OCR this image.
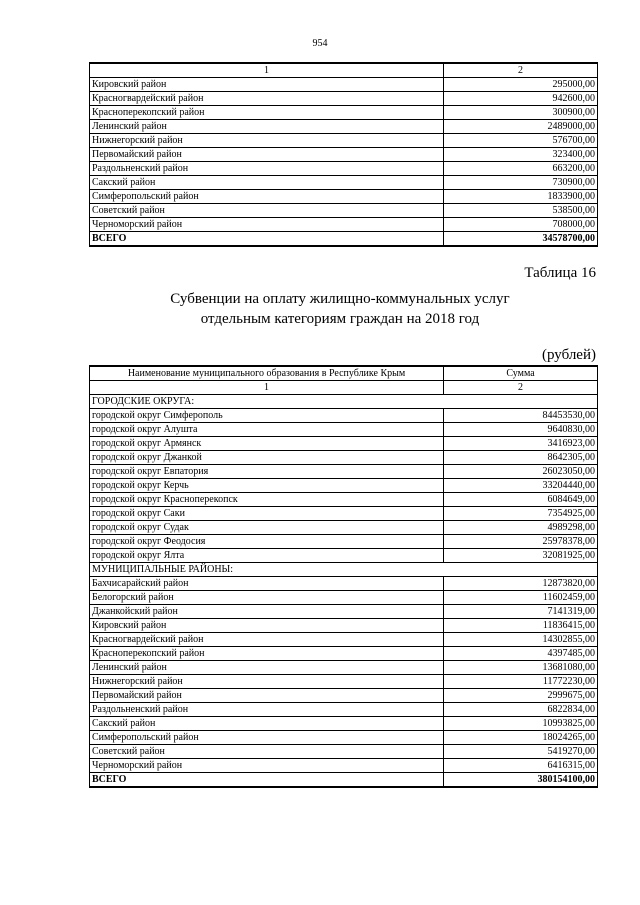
954
1	2
Кировский район	295000,00
Красногвардейский район	942600,00
Красноперекопский район	300900,00
Ленинский район	2489000,00
Нижнегорский район	576700,00
Первомайский район	323400,00
Раздольненский район	663200,00
Сакский район	730900,00
Симферопольский район	1833900,00
Советский район	538500,00
Черноморский район	708000,00
ВСЕГО	34578700,00
Таблица 16
Субвенции на оплату жилищно-коммунальных услуг
отдельным категориям граждан на 2018 год
(рублей)
Наименование муниципального образования в Республике Крым	Сумма
1	2
ГОРОДСКИЕ ОКРУГА:	
городской округ Симферополь	84453530,00
городской округ Алушта	9640830,00
городской округ Армянск	3416923,00
городской округ Джанкой	8642305,00
городской округ Евпатория	26023050,00
городской округ Керчь	33204440,00
городской округ Красноперекопск	6084649,00
городской округ Саки	7354925,00
городской округ Судак	4989298,00
городской округ Феодосия	25978378,00
городской округ Ялта	32081925,00
МУНИЦИПАЛЬНЫЕ РАЙОНЫ:	
Бахчисарайский район	12873820,00
Белогорский район	11602459,00
Джанкойский район	7141319,00
Кировский район	11836415,00
Красногвардейский район	14302855,00
Красноперекопский район	4397485,00
Ленинский район	13681080,00
Нижнегорский район	11772230,00
Первомайский район	2999675,00
Раздольненский район	6822834,00
Сакский район	10993825,00
Симферопольский район	18024265,00
Советский район	5419270,00
Черноморский район	6416315,00
ВСЕГО	380154100,00
